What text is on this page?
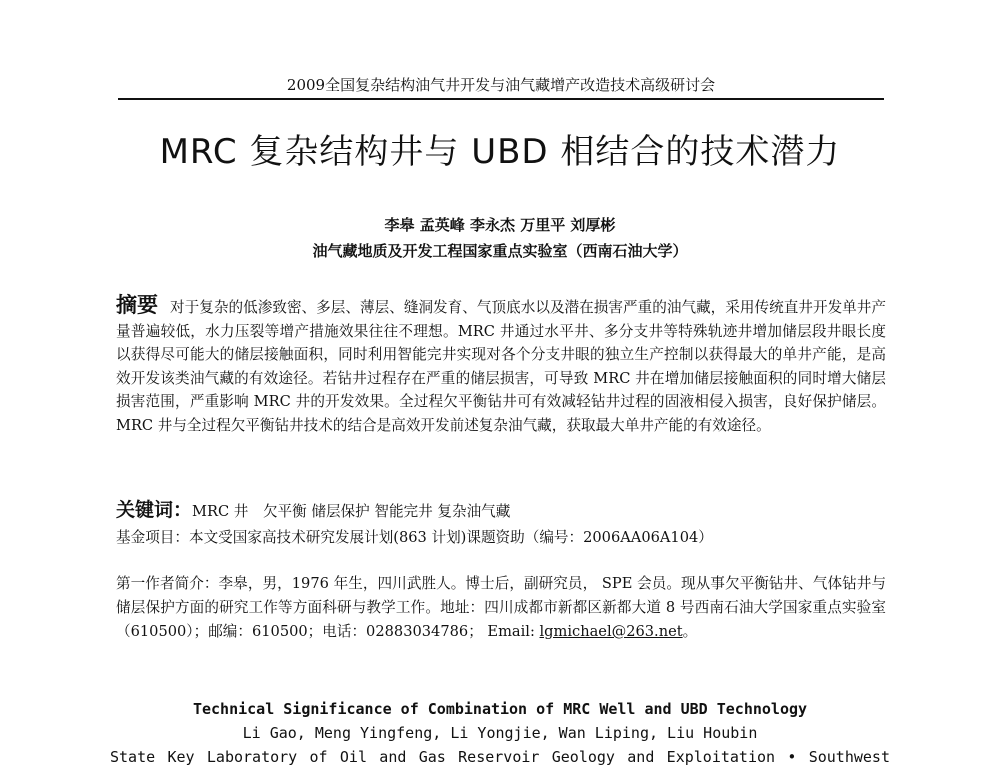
2009全国复杂结构油气井开发与油气藏增产改造技术高级研讨会
MRC 复杂结构井与 UBD 相结合的技术潜力
李皋 孟英峰 李永杰 万里平 刘厚彬
油气藏地质及开发工程国家重点实验室（西南石油大学）
摘要 对于复杂的低渗致密、多层、薄层、缝洞发育、气顶底水以及潜在损害严重的油气藏，采用传统直井开发单井产量普遍较低，水力压裂等增产措施效果往往不理想。MRC 井通过水平井、多分支井等特殊轨迹井增加储层段井眼长度以获得尽可能大的储层接触面积，同时利用智能完井实现对各个分支井眼的独立生产控制以获得最大的单井产能，是高效开发该类油气藏的有效途径。若钻井过程存在严重的储层损害，可导致 MRC 井在增加储层接触面积的同时增大储层损害范围，严重影响 MRC 井的开发效果。全过程欠平衡钻井可有效减轻钻井过程的固液相侵入损害，良好保护储层。MRC 井与全过程欠平衡钻井技术的结合是高效开发前述复杂油气藏，获取最大单井产能的有效途径。
关键词：MRC 井　欠平衡 储层保护 智能完井 复杂油气藏
基金项目：本文受国家高技术研究发展计划(863 计划)课题资助（编号：2006AA06A104）
第一作者简介：李皋，男，1976 年生，四川武胜人。博士后，副研究员， SPE 会员。现从事欠平衡钻井、气体钻井与储层保护方面的研究工作等方面科研与教学工作。地址：四川成都市新都区新都大道 8 号西南石油大学国家重点实验室（610500）；邮编：610500；电话：02883034786； Email: lgmichael@263.net。
Technical Significance of Combination of MRC Well and UBD Technology
Li Gao, Meng Yingfeng, Li Yongjie, Wan Liping, Liu Houbin
State Key Laboratory of Oil and Gas Reservoir Geology and Exploitation • Southwest
